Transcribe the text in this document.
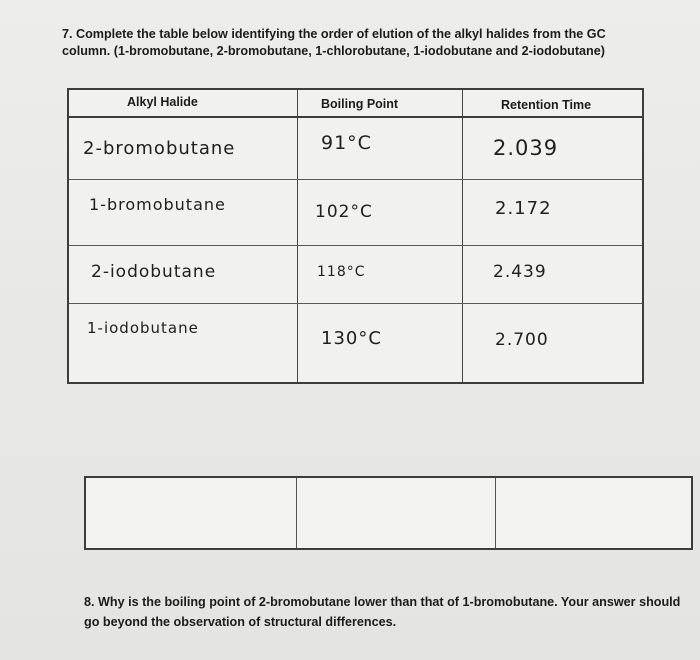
7. Complete the table below identifying the order of elution of the alkyl halides from the GC column. (1-bromobutane, 2-bromobutane, 1-chlorobutane, 1-iodobutane and 2-iodobutane)
Alkyl Halide	Boiling Point	Retention Time
2-bromobutane	91°C	2.039
1-bromobutane	102°C	2.172
2-iodobutane	118°C	2.439
1-iodobutane	130°C	2.700
8. Why is the boiling point of 2-bromobutane lower than that of 1-bromobutane. Your answer should go beyond the observation of structural differences.
